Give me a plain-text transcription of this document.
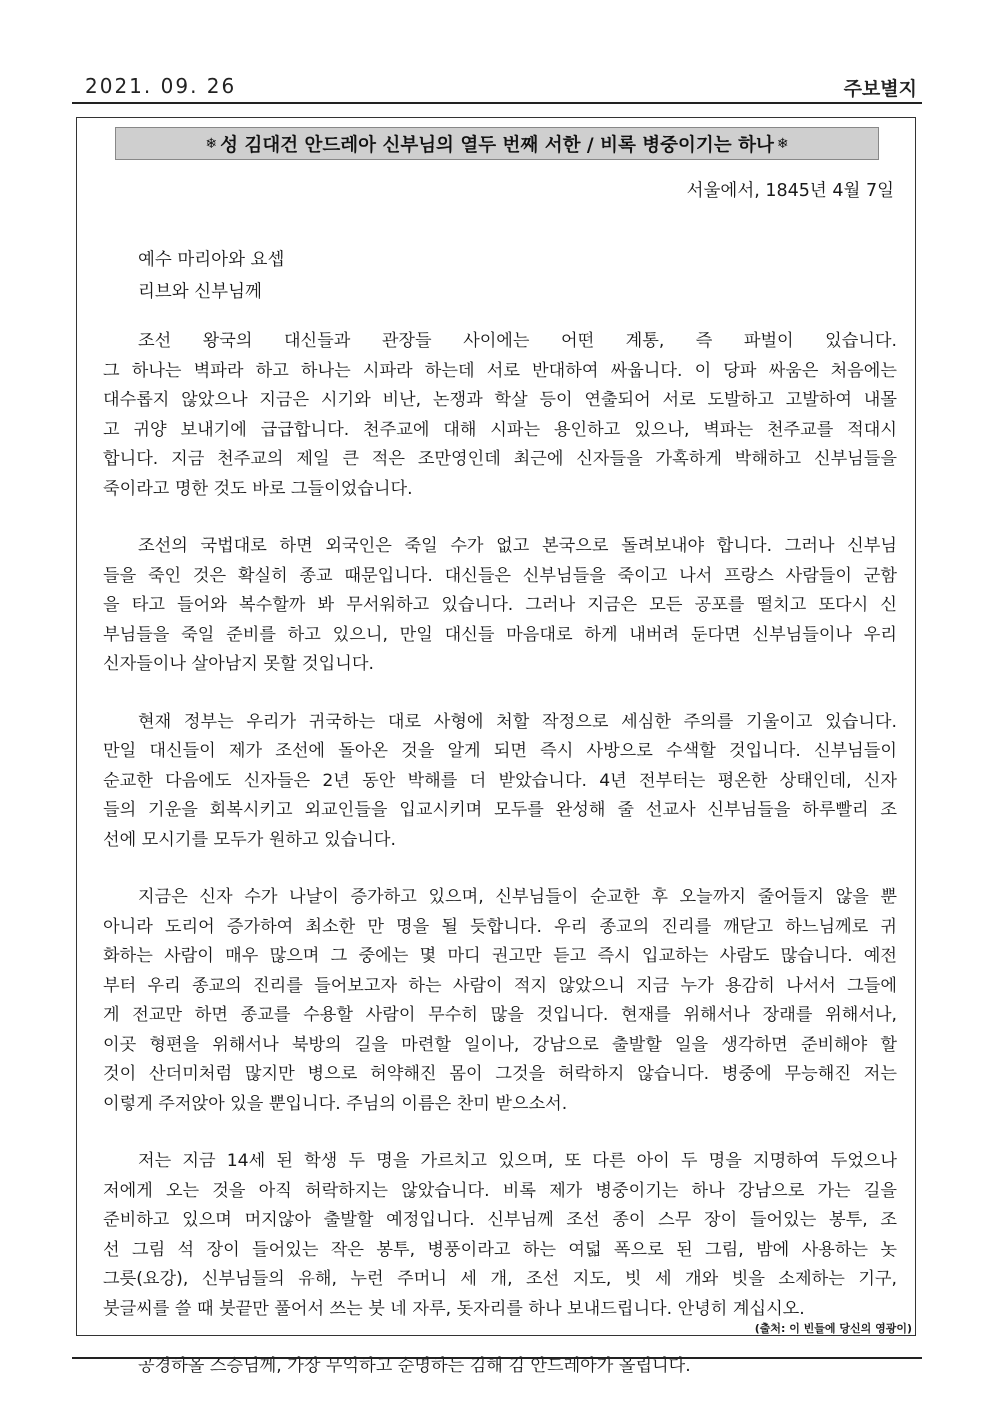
2021. 09. 26	주보별지
❄ 성 김대건 안드레아 신부님의 열두 번째 서한 / 비록 병중이기는 하나 ❄
서울에서, 1845년 4월 7일
예수 마리아와 요셉
리브와 신부님께
조선 왕국의 대신들과 관장들 사이에는 어떤 계통, 즉 파벌이 있습니다.
그 하나는 벽파라 하고 하나는 시파라 하는데 서로 반대하여 싸웁니다. 이 당파 싸움은 처음에는
대수롭지 않았으나 지금은 시기와 비난, 논쟁과 학살 등이 연출되어 서로 도발하고 고발하여 내몰
고 귀양 보내기에 급급합니다. 천주교에 대해 시파는 용인하고 있으나, 벽파는 천주교를 적대시
합니다. 지금 천주교의 제일 큰 적은 조만영인데 최근에 신자들을 가혹하게 박해하고 신부님들을
죽이라고 명한 것도 바로 그들이었습니다.
조선의 국법대로 하면 외국인은 죽일 수가 없고 본국으로 돌려보내야 합니다. 그러나 신부님
들을 죽인 것은 확실히 종교 때문입니다. 대신들은 신부님들을 죽이고 나서 프랑스 사람들이 군함
을 타고 들어와 복수할까 봐 무서워하고 있습니다. 그러나 지금은 모든 공포를 떨치고 또다시 신
부님들을 죽일 준비를 하고 있으니, 만일 대신들 마음대로 하게 내버려 둔다면 신부님들이나 우리
신자들이나 살아남지 못할 것입니다.
현재 정부는 우리가 귀국하는 대로 사형에 처할 작정으로 세심한 주의를 기울이고 있습니다.
만일 대신들이 제가 조선에 돌아온 것을 알게 되면 즉시 사방으로 수색할 것입니다. 신부님들이
순교한 다음에도 신자들은 2년 동안 박해를 더 받았습니다. 4년 전부터는 평온한 상태인데, 신자
들의 기운을 회복시키고 외교인들을 입교시키며 모두를 완성해 줄 선교사 신부님들을 하루빨리 조
선에 모시기를 모두가 원하고 있습니다.
지금은 신자 수가 나날이 증가하고 있으며, 신부님들이 순교한 후 오늘까지 줄어들지 않을 뿐
아니라 도리어 증가하여 최소한 만 명을 될 듯합니다. 우리 종교의 진리를 깨닫고 하느님께로 귀
화하는 사람이 매우 많으며 그 중에는 몇 마디 권고만 듣고 즉시 입교하는 사람도 많습니다. 예전
부터 우리 종교의 진리를 들어보고자 하는 사람이 적지 않았으니 지금 누가 용감히 나서서 그들에
게 전교만 하면 종교를 수용할 사람이 무수히 많을 것입니다. 현재를 위해서나 장래를 위해서나,
이곳 형편을 위해서나 북방의 길을 마련할 일이나, 강남으로 출발할 일을 생각하면 준비해야 할
것이 산더미처럼 많지만 병으로 허약해진 몸이 그것을 허락하지 않습니다. 병중에 무능해진 저는
이렇게 주저앉아 있을 뿐입니다. 주님의 이름은 찬미 받으소서.
저는 지금 14세 된 학생 두 명을 가르치고 있으며, 또 다른 아이 두 명을 지명하여 두었으나
저에게 오는 것을 아직 허락하지는 않았습니다. 비록 제가 병중이기는 하나 강남으로 가는 길을
준비하고 있으며 머지않아 출발할 예정입니다. 신부님께 조선 종이 스무 장이 들어있는 봉투, 조
선 그림 석 장이 들어있는 작은 봉투, 병풍이라고 하는 여덟 폭으로 된 그림, 밤에 사용하는 놋
그릇(요강), 신부님들의 유해, 누런 주머니 세 개, 조선 지도, 빗 세 개와 빗을 소제하는 기구,
붓글씨를 쓸 때 붓끝만 풀어서 쓰는 붓 네 자루, 돗자리를 하나 보내드립니다. 안녕히 계십시오.
공경하올 스승님께, 가장 무익하고 순명하는 김해 김 안드레아가 올립니다.
(출처: 이 빈들에 당신의 영광이)
